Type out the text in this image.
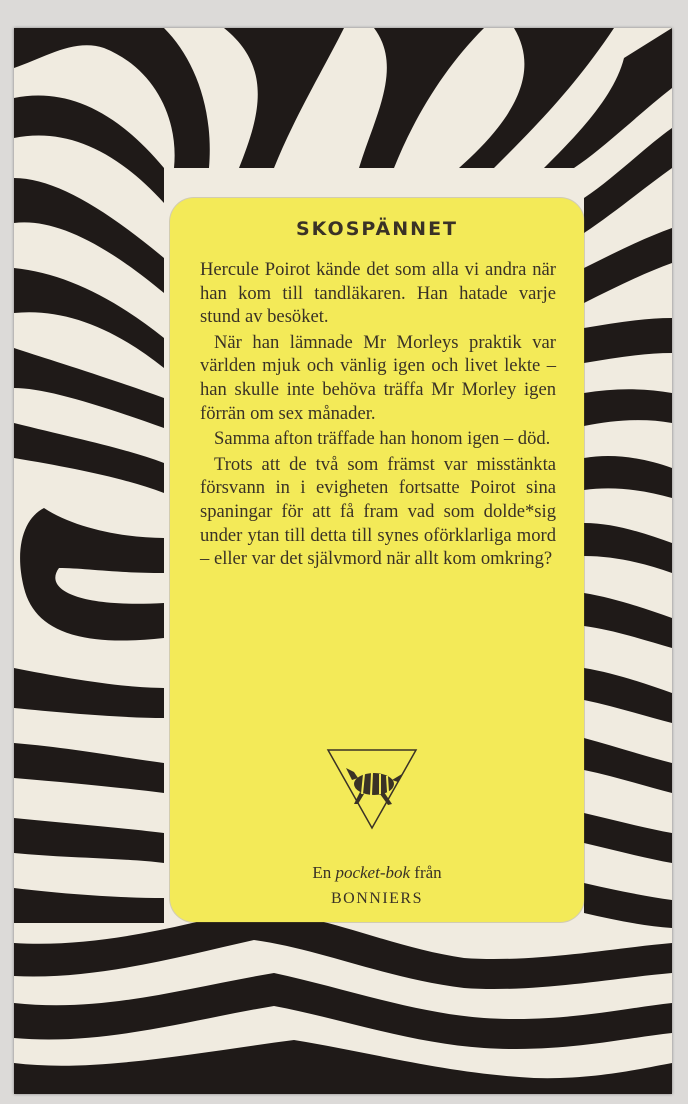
SKOSPÄNNET

Hercule Poirot kände det som alla vi andra när han kom till tandläkaren. Han hatade varje stund av besöket.

När han lämnade Mr Morleys praktik var världen mjuk och vänlig igen och livet lekte – han skulle inte behöva träffa Mr Morley igen förrän om sex månader.

Samma afton träffade han honom igen – död.

Trots att de två som främst var misstänkta försvann in i evigheten fortsatte Poirot sina spaningar för att få fram vad som dolde*sig under ytan till detta till synes oförklarliga mord – eller var det självmord när allt kom omkring?

En pocket-bok från
BONNIERS
